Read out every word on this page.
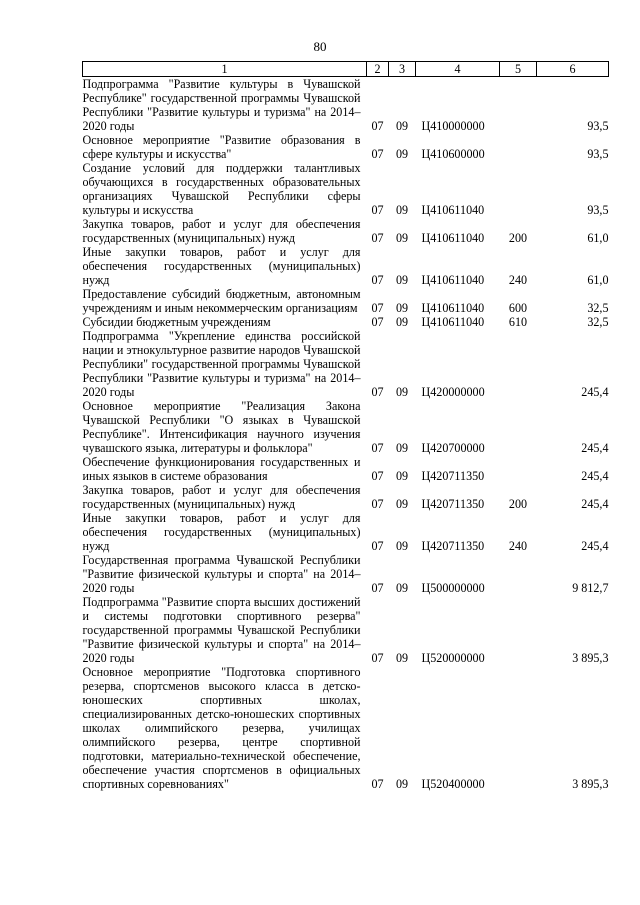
80
1	2	3	4	5	6
Подпрограмма "Развитие культуры в Чувашской Республике" государственной программы Чувашской Республики "Развитие культуры и туризма" на 2014–2020 годы	07	09	Ц410000000		93,5
Основное мероприятие "Развитие образования в сфере культуры и искусства"	07	09	Ц410600000		93,5
Создание условий для поддержки талантливых обучающихся в государственных образовательных организациях Чувашской Республики сферы культуры и искусства	07	09	Ц410611040		93,5
Закупка товаров, работ и услуг для обеспечения государственных (муниципальных) нужд	07	09	Ц410611040	200	61,0
Иные закупки товаров, работ и услуг для обеспечения государственных (муниципальных) нужд	07	09	Ц410611040	240	61,0
Предоставление субсидий бюджетным, автономным учреждениям и иным некоммерческим организациям	07	09	Ц410611040	600	32,5
Субсидии бюджетным учреждениям	07	09	Ц410611040	610	32,5
Подпрограмма "Укрепление единства российской нации и этнокультурное развитие народов Чувашской Республики" государственной программы Чувашской Республики "Развитие культуры и туризма" на 2014–2020 годы	07	09	Ц420000000		245,4
Основное мероприятие "Реализация Закона Чувашской Республики "О языках в Чувашской Республике". Интенсификация научного изучения чувашского языка, литературы и фольклора"	07	09	Ц420700000		245,4
Обеспечение функционирования государственных и иных языков в системе образования	07	09	Ц420711350		245,4
Закупка товаров, работ и услуг для обеспечения государственных (муниципальных) нужд	07	09	Ц420711350	200	245,4
Иные закупки товаров, работ и услуг для обеспечения государственных (муниципальных) нужд	07	09	Ц420711350	240	245,4
Государственная программа Чувашской Республики "Развитие физической культуры и спорта" на 2014–2020 годы	07	09	Ц500000000		9 812,7
Подпрограмма "Развитие спорта высших достижений и системы подготовки спортивного резерва" государственной программы Чувашской Республики "Развитие физической культуры и спорта" на 2014–2020 годы	07	09	Ц520000000		3 895,3
Основное мероприятие "Подготовка спортивного резерва, спортсменов высокого класса в детско-юношеских спортивных школах, специализированных детско-юношеских спортивных школах олимпийского резерва, училищах олимпийского резерва, центре спортивной подготовки, материально-технической обеспечение, обеспечение участия спортсменов в официальных спортивных соревнованиях"	07	09	Ц520400000		3 895,3
